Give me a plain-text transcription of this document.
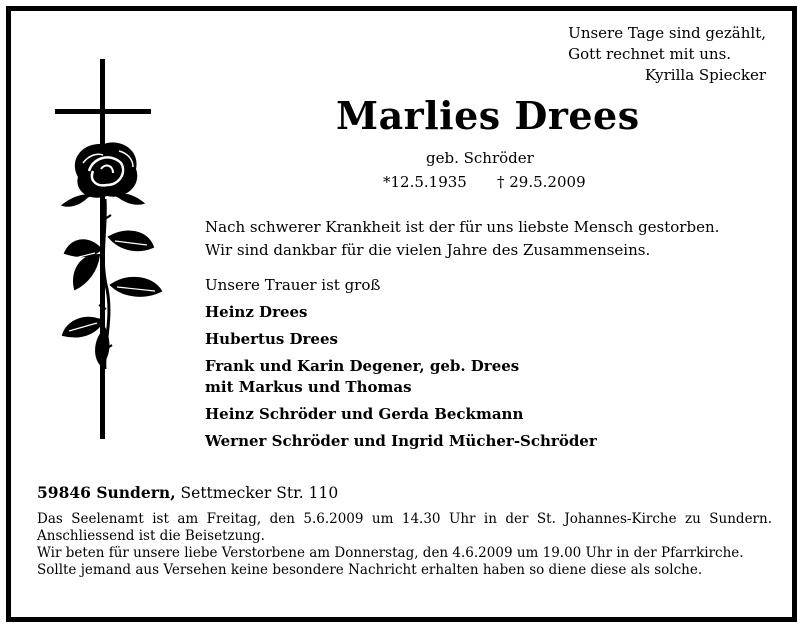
Unsere Tage sind gezählt,
Gott rechnet mit uns.
Kyrilla Spiecker
Marlies Drees
geb. Schröder
*12.5.1935 † 29.5.2009
Nach schwerer Krankheit ist der für uns liebste Mensch gestorben.
Wir sind dankbar für die vielen Jahre des Zusammenseins.
Unsere Trauer ist groß
Heinz Drees
Hubertus Drees
Frank und Karin Degener, geb. Drees
mit Markus und Thomas
Heinz Schröder und Gerda Beckmann
Werner Schröder und Ingrid Mücher-Schröder
59846 Sundern, Settmecker Str. 110

Das Seelenamt ist am Freitag, den 5.6.2009 um 14.30 Uhr in der St. Johannes-Kirche zu Sundern. Anschliessend ist die Beisetzung.

Wir beten für unsere liebe Verstorbene am Donnerstag, den 4.6.2009 um 19.00 Uhr in der Pfarrkirche.

Sollte jemand aus Versehen keine besondere Nachricht erhalten haben so diene diese als solche.
